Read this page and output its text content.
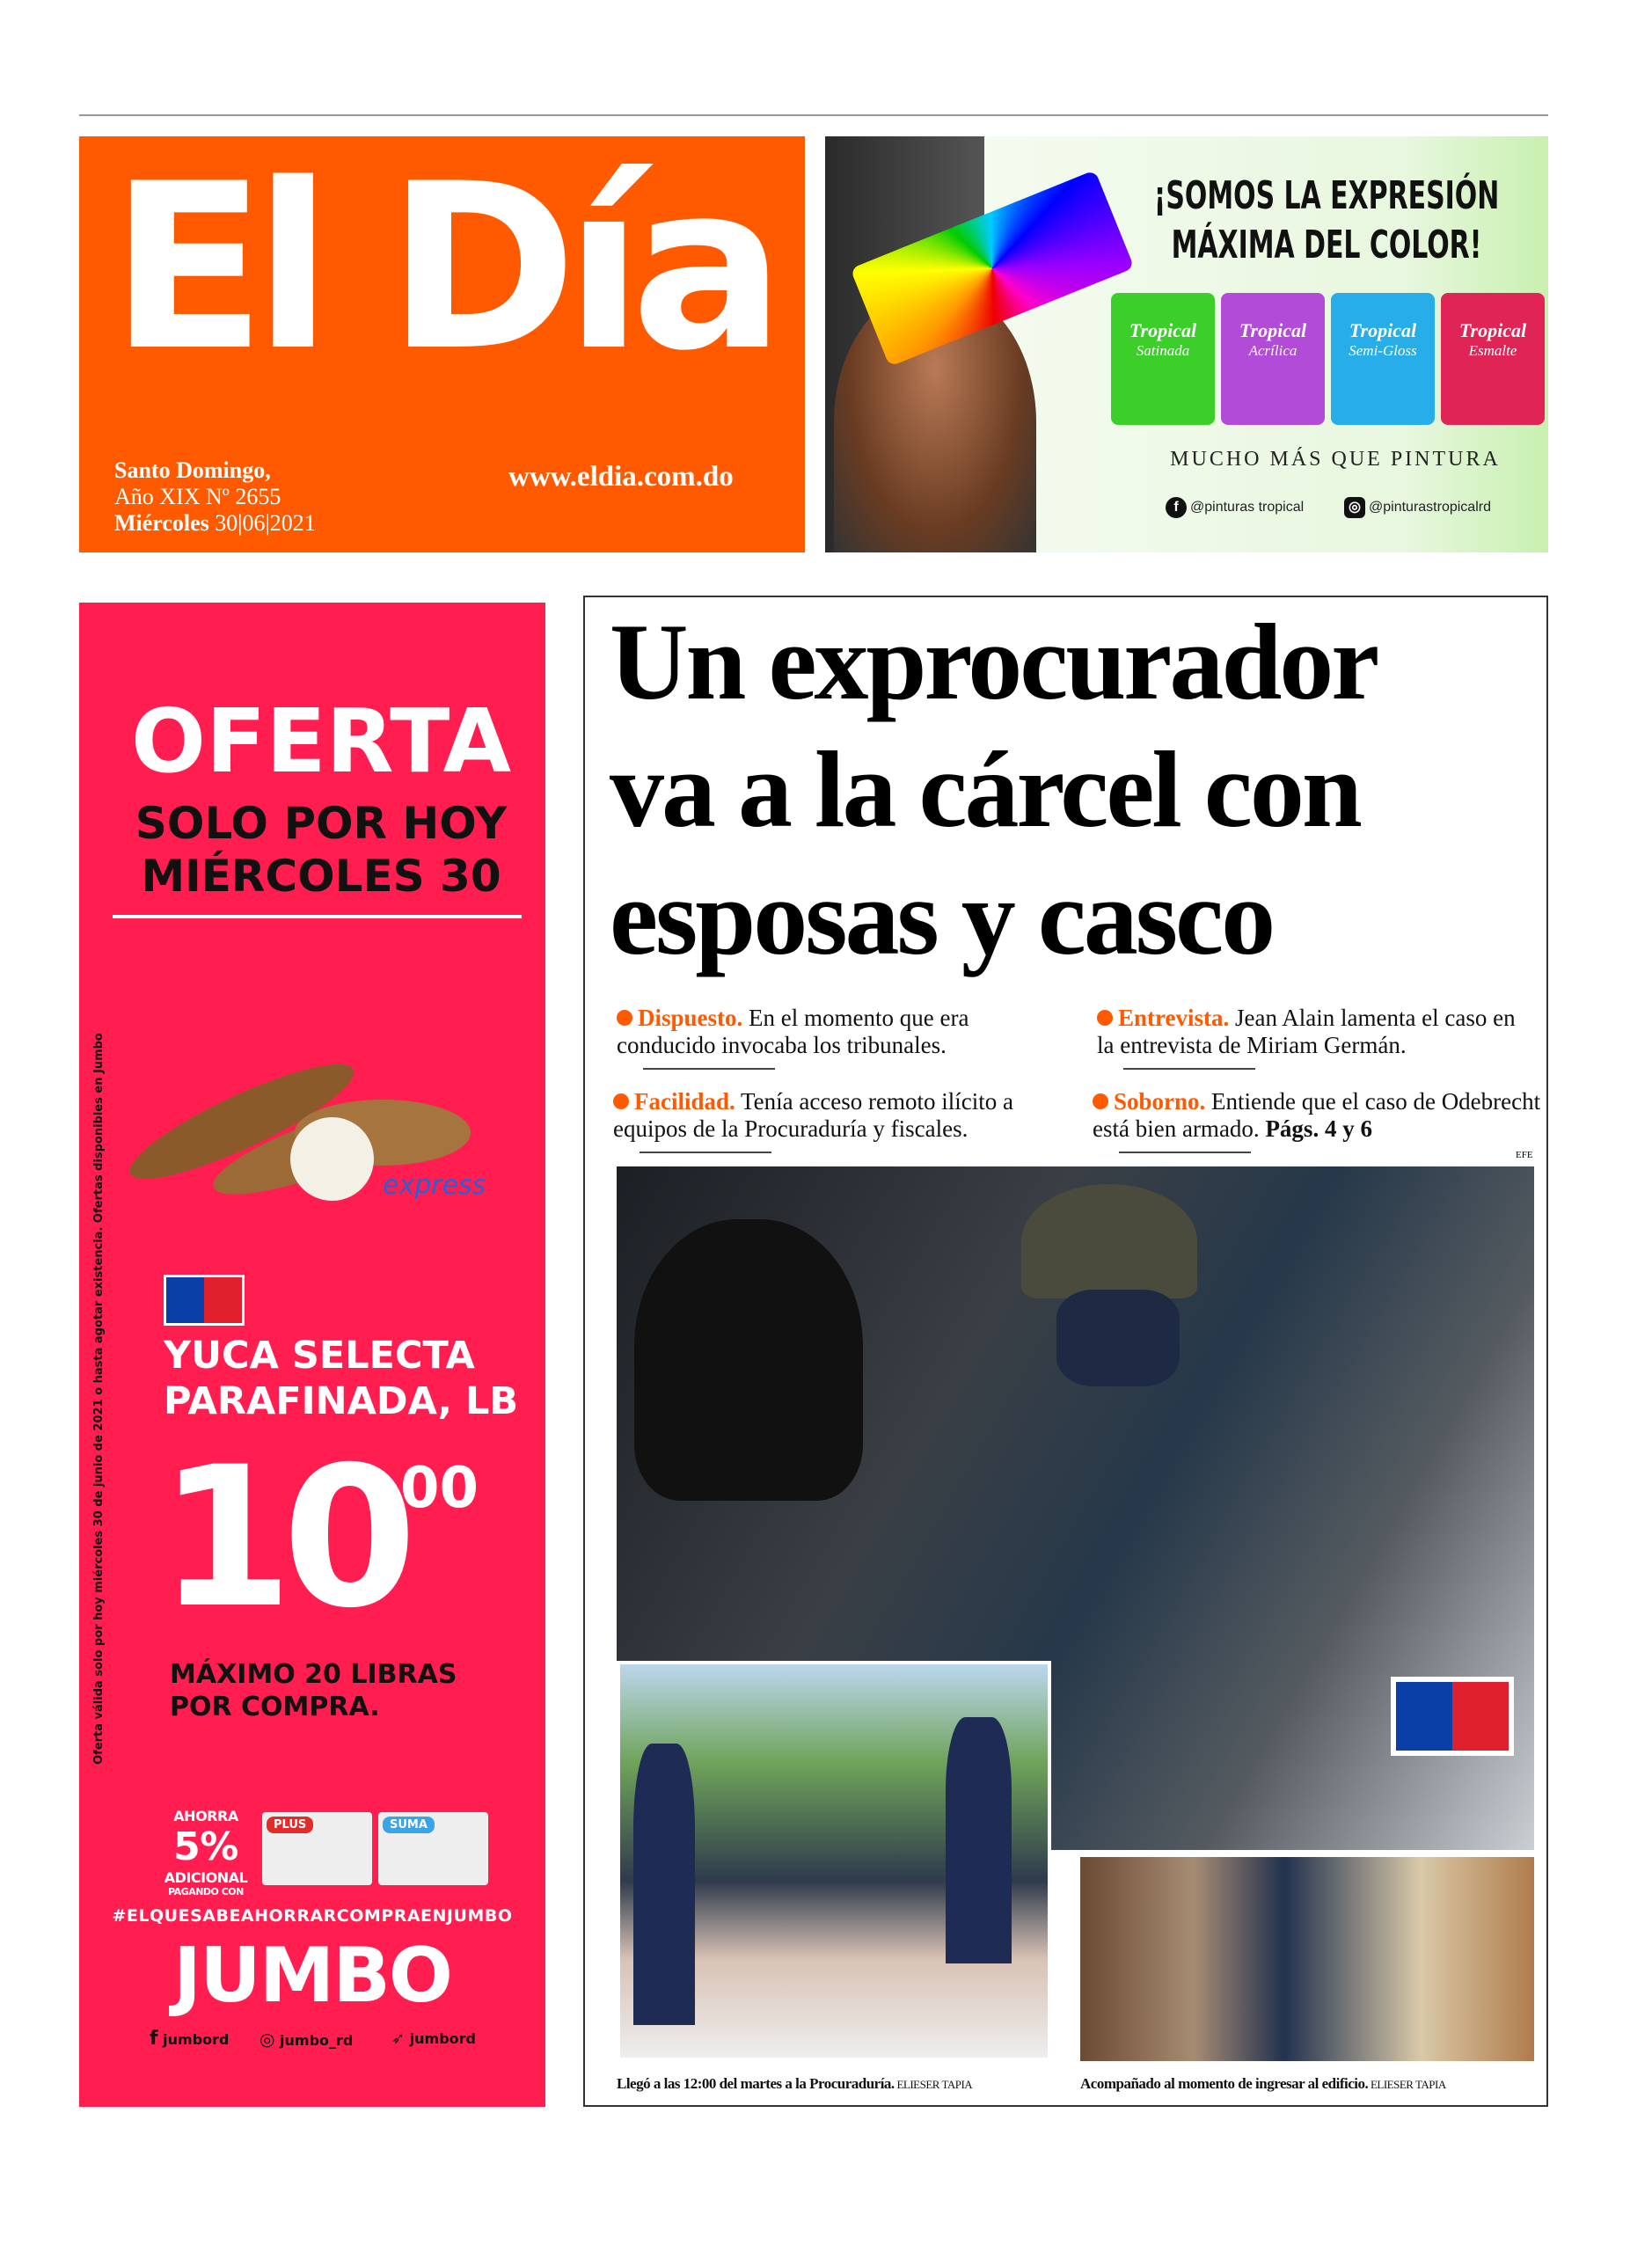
El Día
Santo Domingo,
Año XIX Nº 2655
Miércoles 30|06|2021
www.eldia.com.do
¡SOMOS LA EXPRESIÓN MÁXIMA DEL COLOR!
Tropical
Satinada
Tropical
Acrílica
Tropical
Semi-Gloss
Tropical
Esmalte
MUCHO MÁS QUE PINTURA
f @pinturas tropical	◎ @pinturastropicalrd
Oferta válida solo por hoy miércoles 30 de junio de 2021 o hasta agotar existencia. Ofertas disponibles en Jumbo
OFERTA
SOLO POR HOY
MIÉRCOLES 30
express
YUCA SELECTA
PARAFINADA, LB
10
00
MÁXIMO 20 LIBRAS
POR COMPRA.
AHORRA
5%
ADICIONAL
PAGANDO CON
PLUS	SUMA
#ELQUESABEAHORRARCOMPRAENJUMBO
JUMBO
f jumbord ◎ jumbo_rd ➶ jumbord
Un exprocurador
va a la cárcel con
esposas y casco
Dispuesto. En el momento que era conducido invocaba los tribunales.
Entrevista. Jean Alain lamenta el caso en la entrevista de Miriam Germán.
Facilidad. Tenía acceso remoto ilícito a equipos de la Procuraduría y fiscales.
Soborno. Entiende que el caso de Odebrecht está bien armado. Págs. 4 y 6
EFE
Llegó a las 12:00 del martes a la Procuraduría. ELIESER TAPIA	Acompañado al momento de ingresar al edificio. ELIESER TAPIA
